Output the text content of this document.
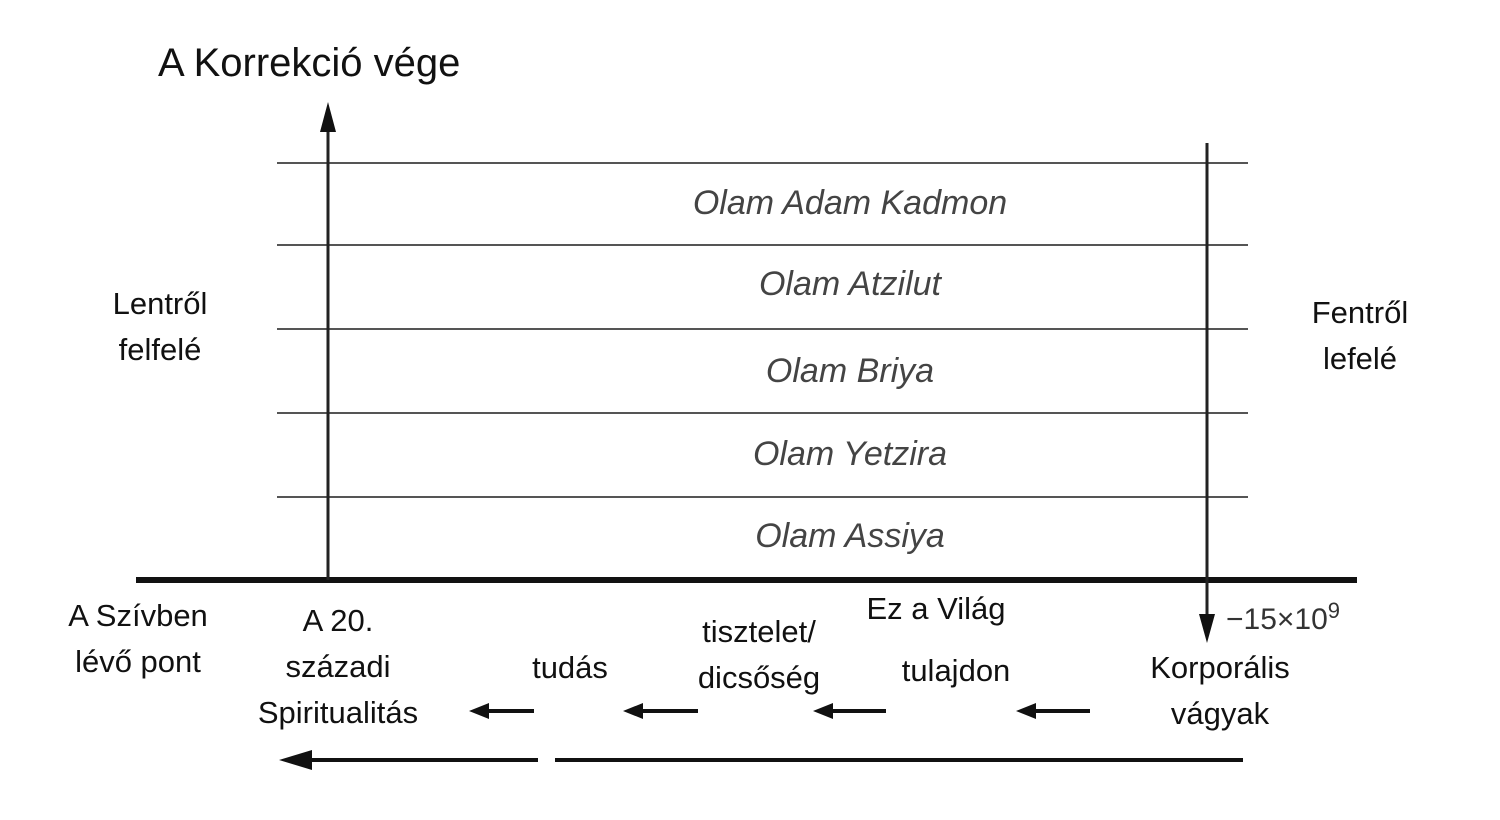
A Korrekció vége
Olam Adam Kadmon
Olam Atzilut
Olam Briya
Olam Yetzira
Olam Assiya
Lentről
felfelé
Fentről
lefelé
$-15\times 10^9$
A Szívben
lévő pont
A 20.
századi
Spiritualitás
tudás
tisztelet/
dicsőség
Ez a Világ
tulajdon	Korporális
vágyak
